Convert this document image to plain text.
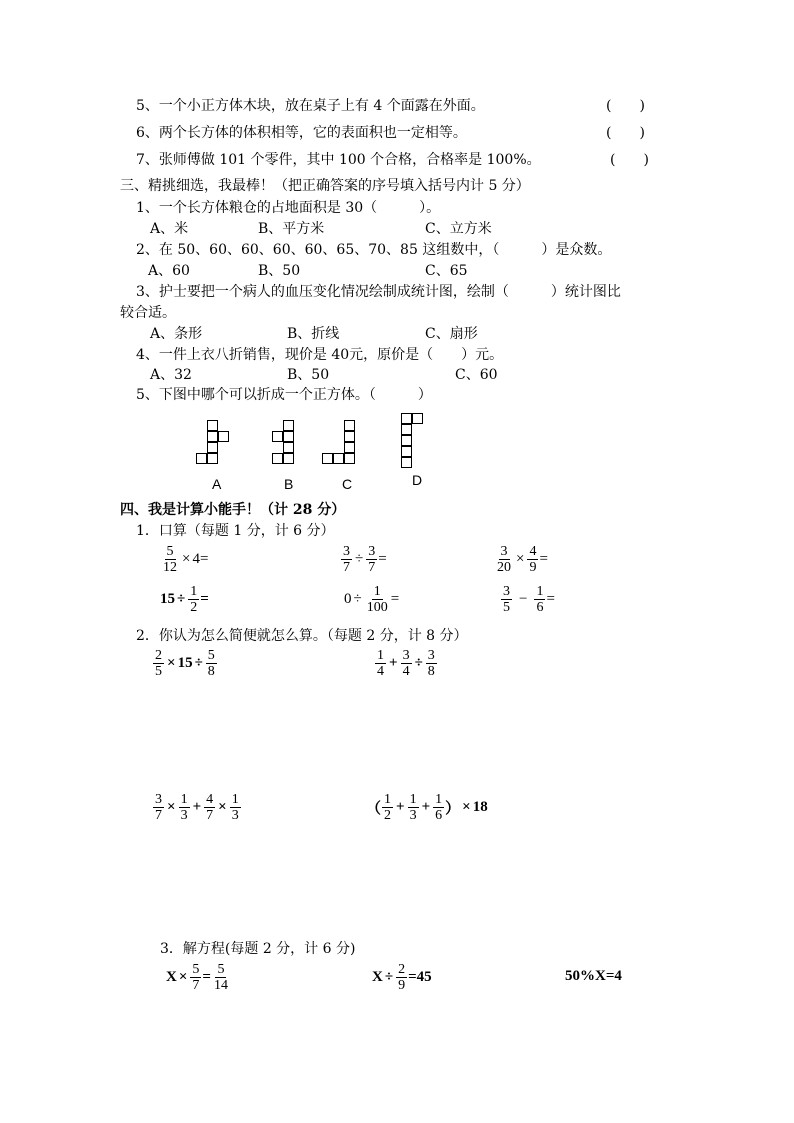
5、一个小正方体木块，放在桌子上有 4 个面露在外面。	(　　)
6、两个长方体的体积相等，它的表面积也一定相等。	(　　)
7、张师傅做 101 个零件，其中 100 个合格，合格率是 100%。	(　　)
三、精挑细选，我最棒！（把正确答案的序号填入括号内计 5 分）
1、一个长方体粮仓的占地面积是 30（　　　）。
A、米	B、平方米	C、立方米
2、在 50、60、60、60、60、65、70、85 这组数中，（　　　）是众数。
A、60	B、50	C、65
3、护士要把一个病人的血压变化情况绘制成统计图，绘制（　　　）统计图比
较合适。
A、条形	B、折线	C、扇形
4、一件上衣八折销售，现价是 40元，原价是（　　）元。
A、32	B、50	C、60
5、下图中哪个可以折成一个正方体。（　　　）
A	B	C	D
四、我是计算小能手！（计 28 分）
1．口算（每题 1 分，计 6 分）
$\frac{5}{12} \times 4=$	$\frac{3}{7} \div \frac{3}{7}$ =	$\frac{3}{20} \times \frac{4}{9}$ =
$15 \div \frac{1}{2}$ =	$0 \div \frac{1}{100}$ =	$\frac{3}{5} - \frac{1}{6}$ =
2．你认为怎么简便就怎么算。（每题 2 分，计 8 分）
$\frac{2}{5} \times 15 \div \frac{5}{8}$	$\frac{1}{4} + \frac{3}{4} \div \frac{3}{8}$
$\frac{3}{7} \times \frac{1}{3} + \frac{4}{7} \times \frac{1}{3}$	（ $\frac{1}{2} + \frac{1}{3} + \frac{1}{6}$ ） × 18
3．解方程(每题 2 分，计 6 分)
$X \times \frac{5}{7} = \frac{5}{14}$	$X \div \frac{2}{9} = 45$	50%X=4
